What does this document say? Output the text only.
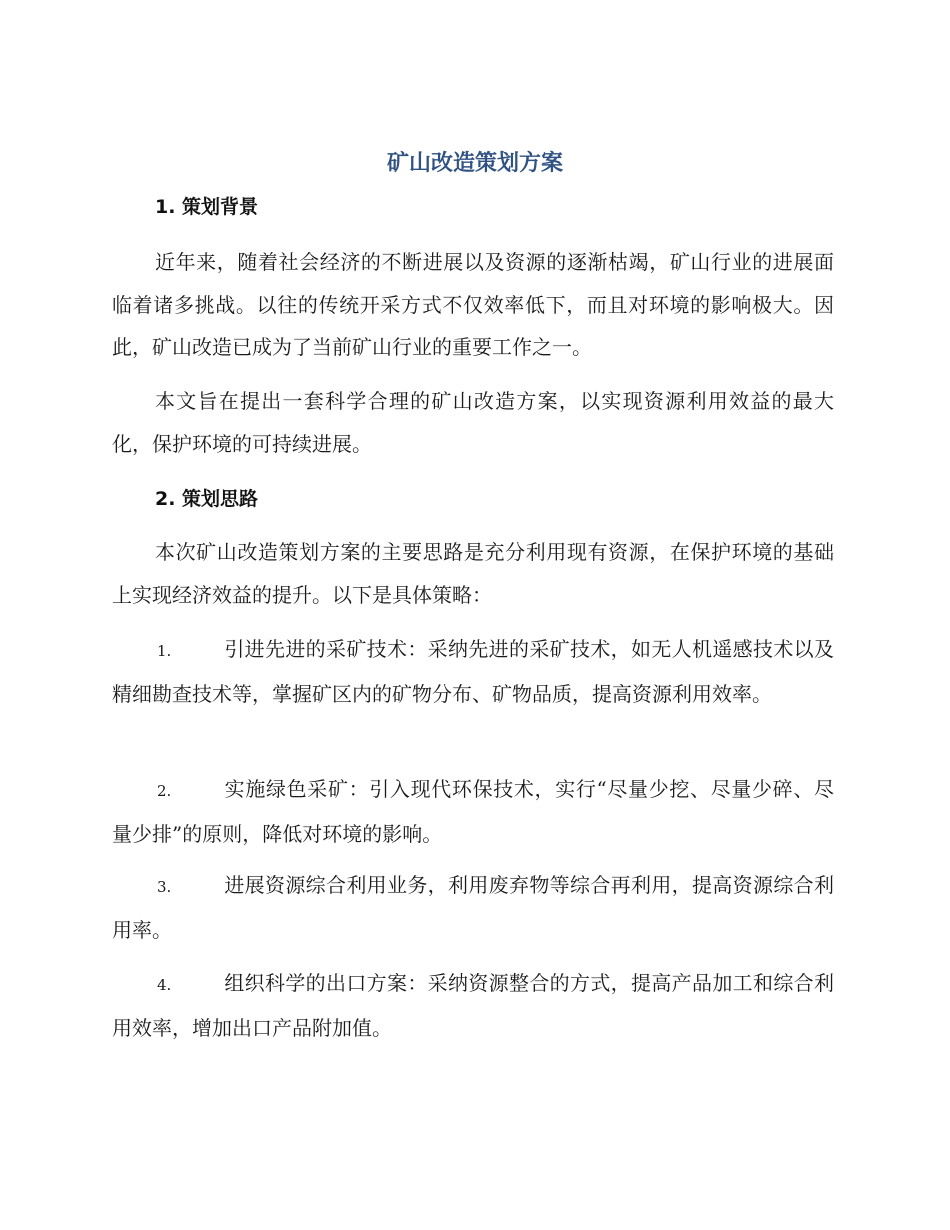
矿山改造策划方案
1. 策划背景

近年来，随着社会经济的不断进展以及资源的逐渐枯竭，矿山行业的进展面临着诸多挑战。以往的传统开采方式不仅效率低下，而且对环境的影响极大。因此，矿山改造已成为了当前矿山行业的重要工作之一。

本文旨在提出一套科学合理的矿山改造方案，以实现资源利用效益的最大化，保护环境的可持续进展。

2. 策划思路

本次矿山改造策划方案的主要思路是充分利用现有资源，在保护环境的基础上实现经济效益的提升。以下是具体策略：

1.	引进先进的采矿技术：采纳先进的采矿技术，如无人机遥感技术以及精细勘查技术等，掌握矿区内的矿物分布、矿物品质，提高资源利用效率。

2.	实施绿色采矿：引入现代环保技术，实行“尽量少挖、尽量少碎、尽量少排”的原则，降低对环境的影响。

3.	进展资源综合利用业务，利用废弃物等综合再利用，提高资源综合利用率。

4.	组织科学的出口方案：采纳资源整合的方式，提高产品加工和综合利用效率，增加出口产品附加值。
